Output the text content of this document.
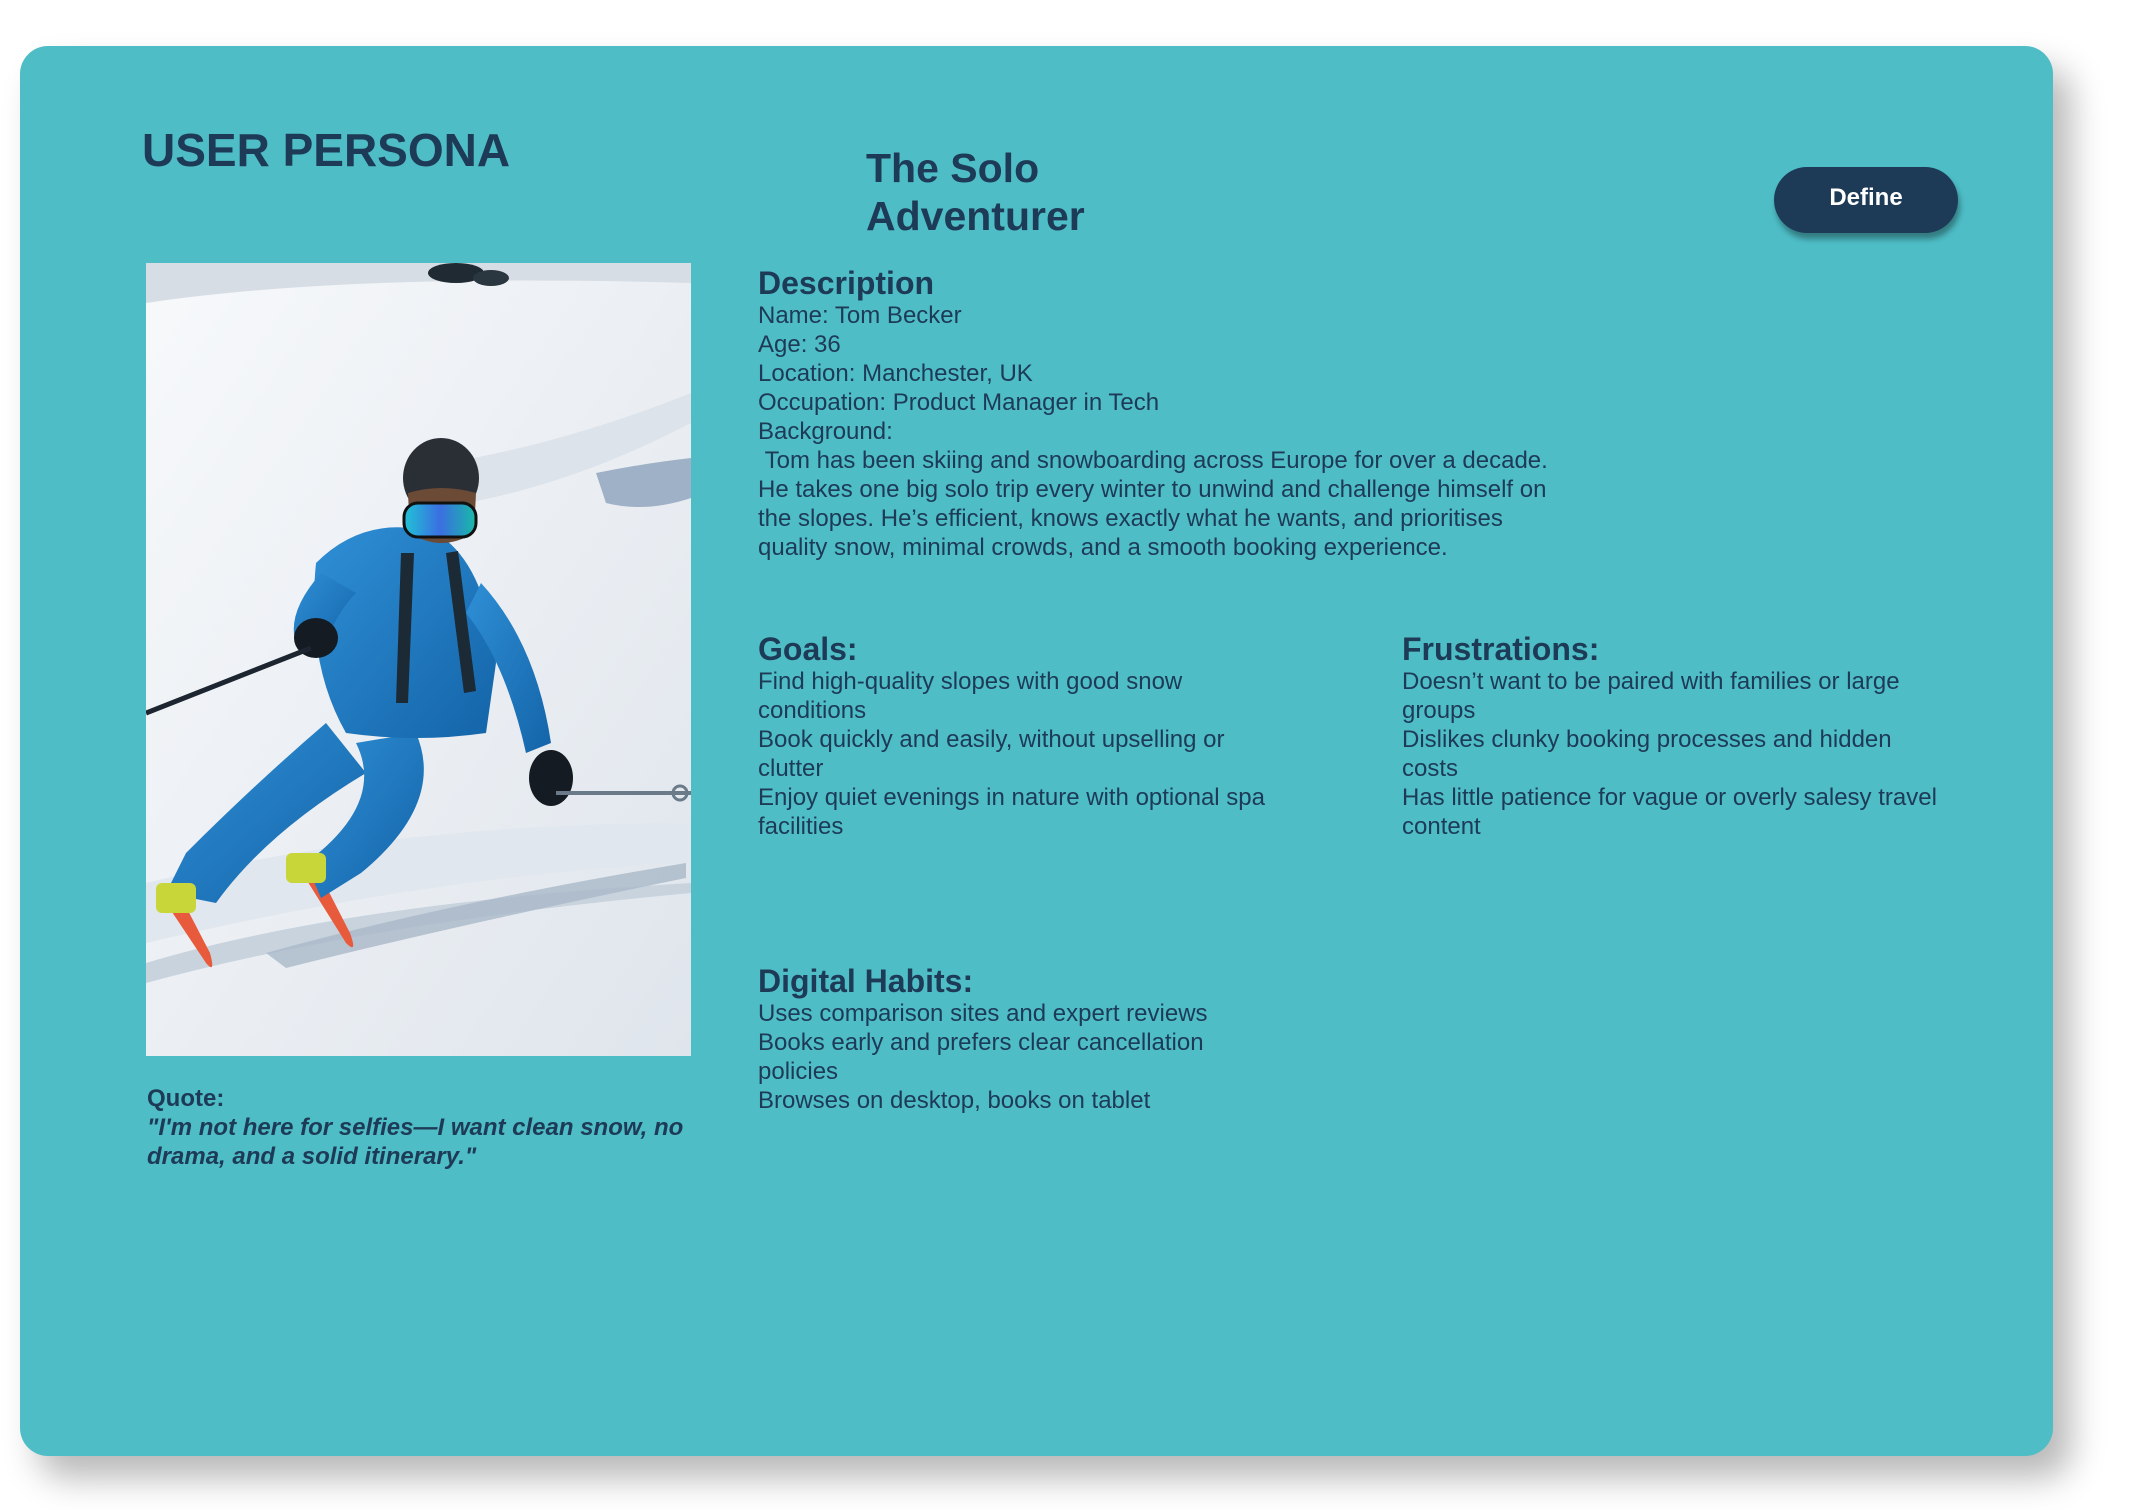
USER PERSONA	The Solo Adventurer	Define
Quote:
"I'm not here for selfies—I want clean snow, no drama, and a solid itinerary."
Description
Name: Tom Becker
Age: 36
Location: Manchester, UK
Occupation: Product Manager in Tech
Background:
Tom has been skiing and snowboarding across Europe for over a decade. He takes one big solo trip every winter to unwind and challenge himself on the slopes. He’s efficient, knows exactly what he wants, and prioritises quality snow, minimal crowds, and a smooth booking experience.
Goals:
Find high-quality slopes with good snow conditions
Book quickly and easily, without upselling or clutter
Enjoy quiet evenings in nature with optional spa facilities
Frustrations:
Doesn’t want to be paired with families or large groups
Dislikes clunky booking processes and hidden costs
Has little patience for vague or overly salesy travel content
Digital Habits:
Uses comparison sites and expert reviews
Books early and prefers clear cancellation policies
Browses on desktop, books on tablet
